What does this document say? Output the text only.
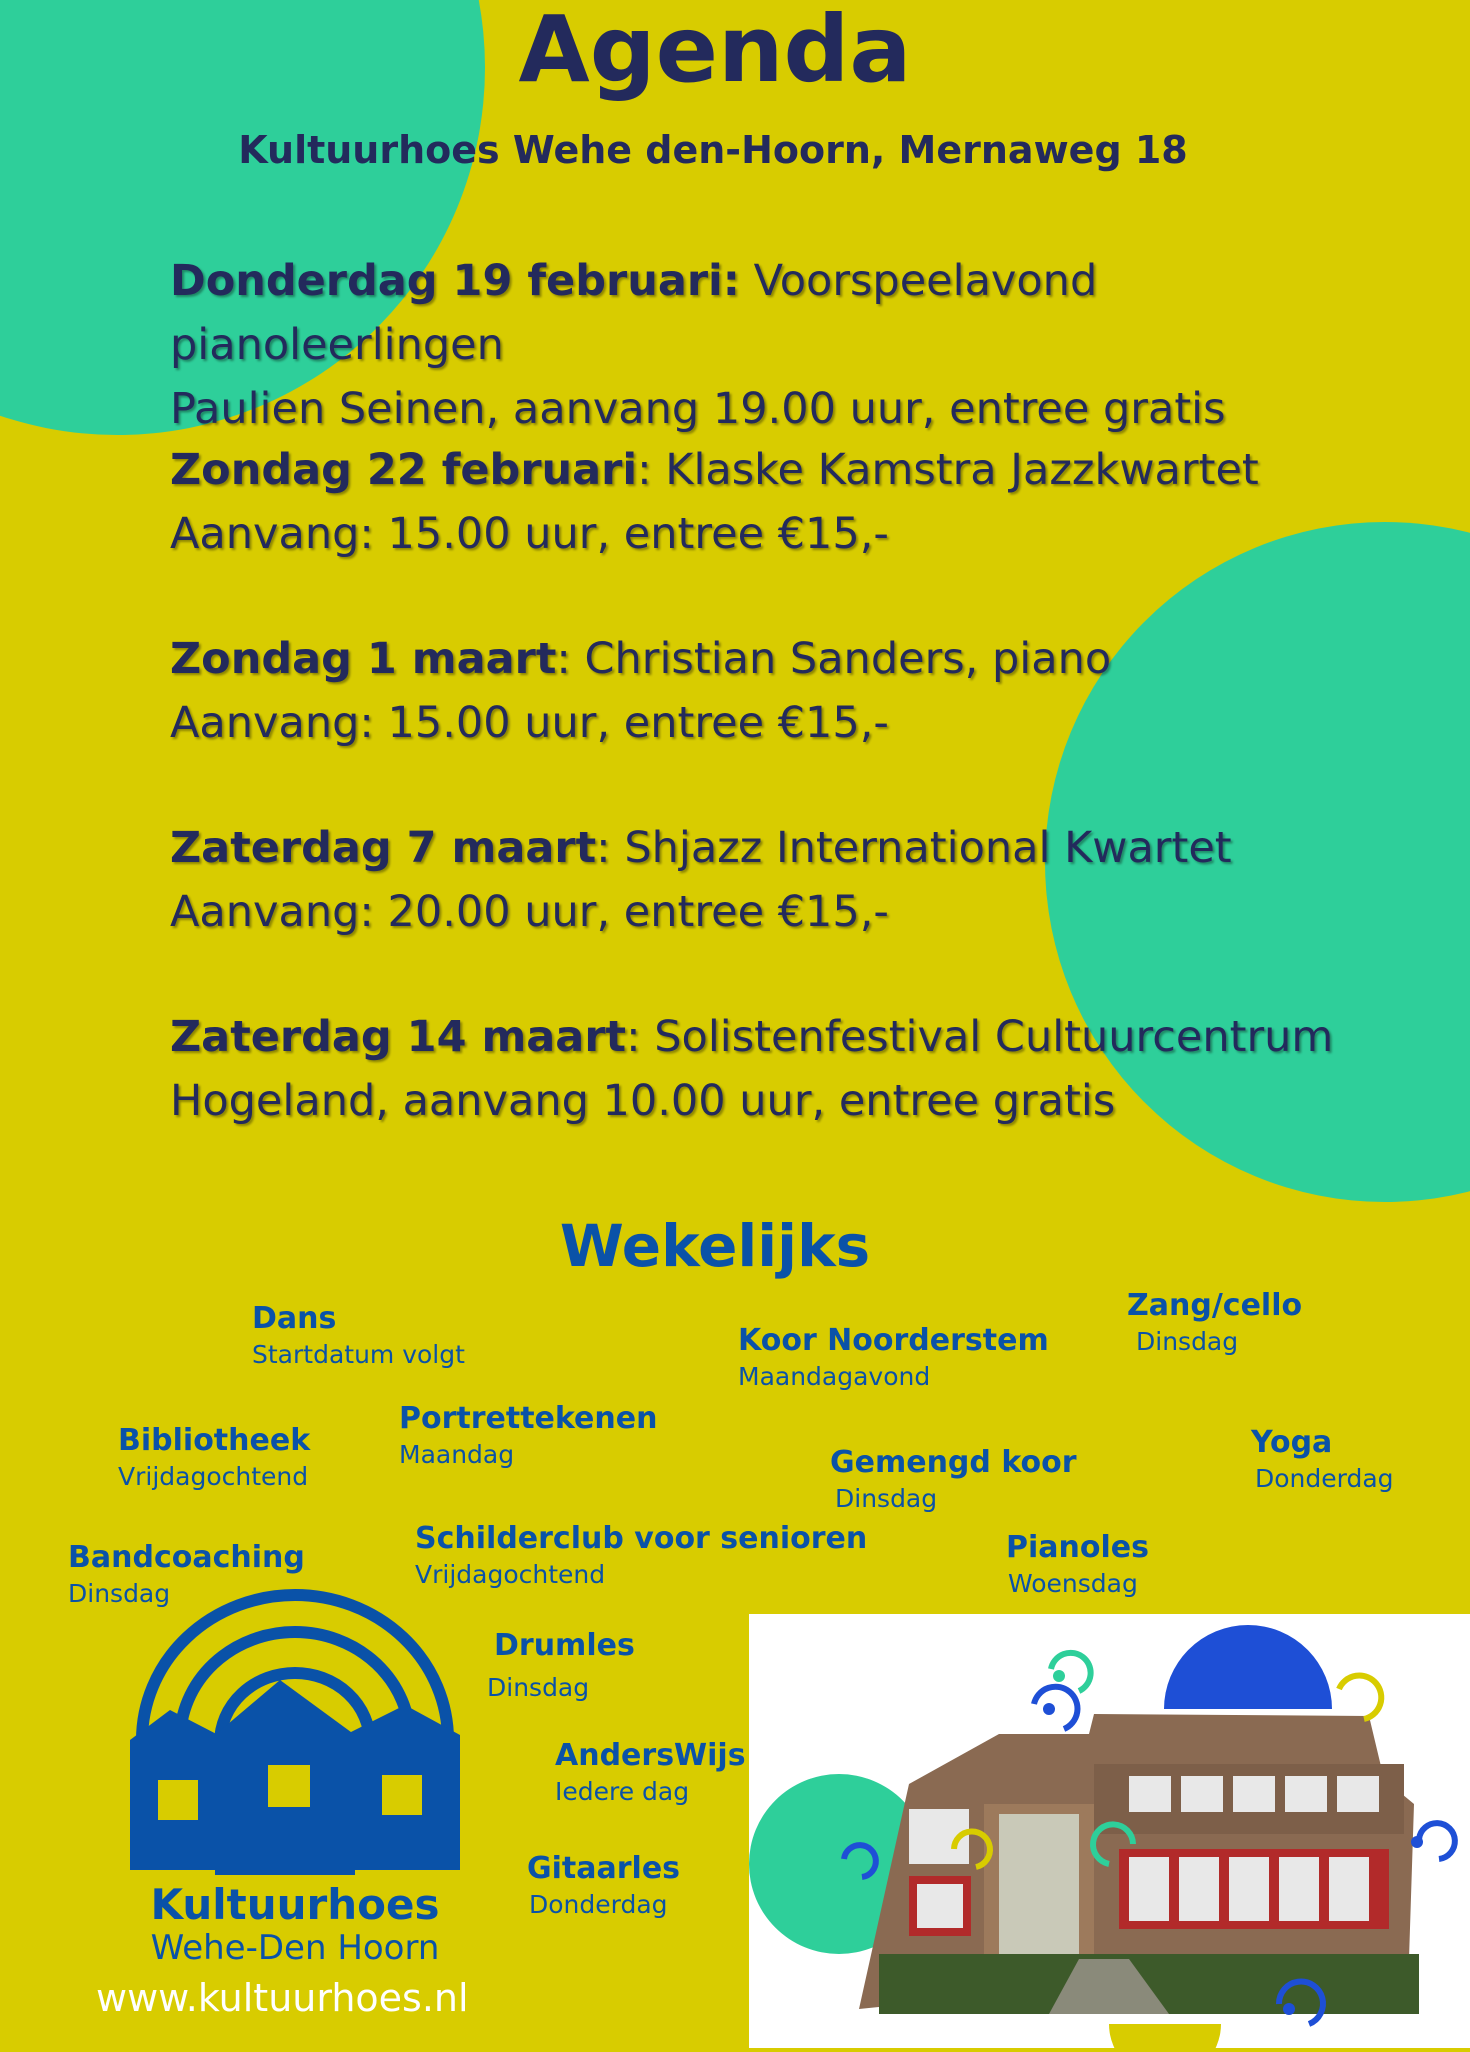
Agenda
Kultuurhoes Wehe den-Hoorn, Mernaweg 18
Donderdag 19 februari: Voorspeelavond pianoleerlingen
Paulien Seinen, aanvang 19.00 uur, entree gratis
Zondag 22 februari: Klaske Kamstra Jazzkwartet
Aanvang: 15.00 uur, entree €15,-
Zondag 1 maart: Christian Sanders, piano
Aanvang: 15.00 uur, entree €15,-
Zaterdag 7 maart: Shjazz International Kwartet
Aanvang: 20.00 uur, entree €15,-
Zaterdag 14 maart: Solistenfestival Cultuurcentrum
Hogeland, aanvang 10.00 uur, entree gratis
Wekelijks
Dans
Startdatum volgt	Koor Noorderstem
Maandagavond
Zang/cello
Dinsdag
Bibliotheek
Vrijdagochtend
Portrettekenen
Maandag	Gemengd koor
Dinsdag
Yoga
Donderdag
Bandcoaching
Dinsdag
Schilderclub voor senioren
Vrijdagochtend
Pianoles
Woensdag
Drumles
Dinsdag
AndersWijs
Iedere dag
Gitaarles
Donderdag
Kultuurhoes
Wehe-Den Hoorn
www.kultuurhoes.nl
